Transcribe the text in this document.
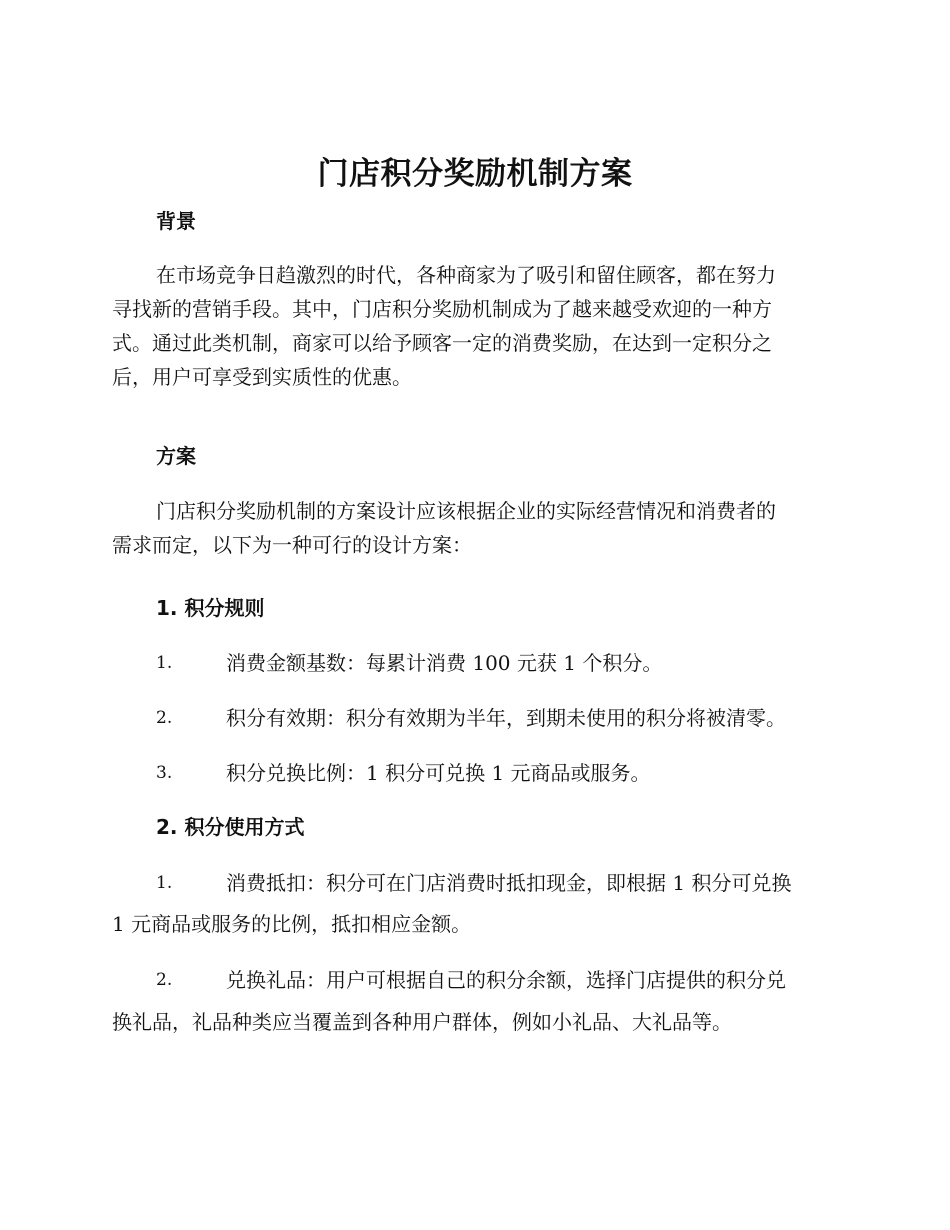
门店积分奖励机制方案
背景
在市场竞争日趋激烈的时代，各种商家为了吸引和留住顾客，都在努力
寻找新的营销手段。其中，门店积分奖励机制成为了越来越受欢迎的一种方
式。通过此类机制，商家可以给予顾客一定的消费奖励，在达到一定积分之
后，用户可享受到实质性的优惠。
方案
门店积分奖励机制的方案设计应该根据企业的实际经营情况和消费者的
需求而定，以下为一种可行的设计方案：
1. 积分规则
1.	消费金额基数：每累计消费 100 元获 1 个积分。
2.	积分有效期：积分有效期为半年，到期未使用的积分将被清零。
3.	积分兑换比例：1 积分可兑换 1 元商品或服务。
2. 积分使用方式
1.	消费抵扣：积分可在门店消费时抵扣现金，即根据 1 积分可兑换
1 元商品或服务的比例，抵扣相应金额。
2.	兑换礼品：用户可根据自己的积分余额，选择门店提供的积分兑
换礼品，礼品种类应当覆盖到各种用户群体，例如小礼品、大礼品等。
